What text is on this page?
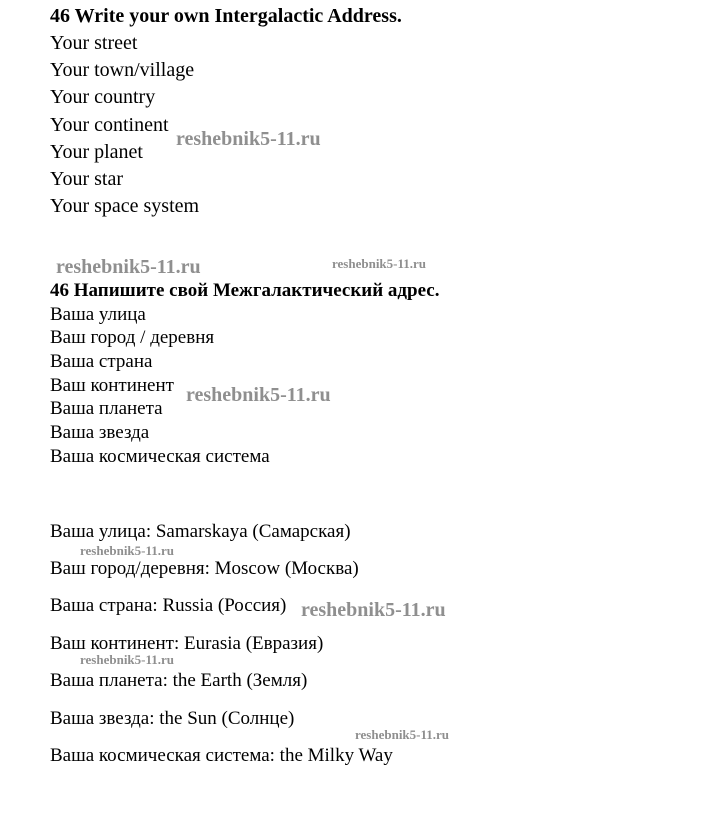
46 Write your own Intergalactic Address.
Your street
Your town/village
Your country
Your continent
Your planet
Your star
Your space system
46 Напишите свой Межгалактический адрес.
Ваша улица
Ваш город / деревня
Ваша страна
Ваш континент
Ваша планета
Ваша звезда
Ваша космическая система
Ваша улица: Samarskaya (Самарская)
Ваш город/деревня: Moscow (Москва)
Ваша страна: Russia (Россия)
Ваш континент: Eurasia (Евразия)
Ваша планета: the Earth (Земля)
Ваша звезда: the Sun (Солнце)
Ваша космическая система: the Milky Way
reshebnik5-11.ru
reshebnik5-11.ru	reshebnik5-11.ru
reshebnik5-11.ru
reshebnik5-11.ru
reshebnik5-11.ru
reshebnik5-11.ru
reshebnik5-11.ru
